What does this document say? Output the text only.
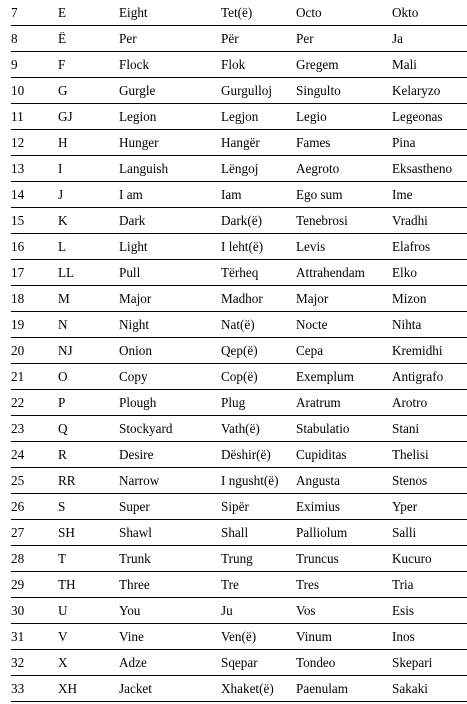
7	E	Eight	Tet(ë)	Octo	Okto
8	Ë	Per	Për	Per	Ja
9	F	Flock	Flok	Gregem	Mali
10	G	Gurgle	Gurgulloj	Singulto	Kelaryzo
11	GJ	Legion	Legjon	Legio	Legeonas
12	H	Hunger	Hangër	Fames	Pina
13	I	Languish	Lëngoj	Aegroto	Eksastheno
14	J	I am	Iam	Ego sum	Ime
15	K	Dark	Dark(ë)	Tenebrosi	Vradhi
16	L	Light	I leht(ë)	Levis	Elafros
17	LL	Pull	Tërheq	Attrahendam	Elko
18	M	Major	Madhor	Major	Mizon
19	N	Night	Nat(ë)	Nocte	Nihta
20	NJ	Onion	Qep(ë)	Cepa	Kremidhi
21	O	Copy	Cop(ë)	Exemplum	Antigrafo
22	P	Plough	Plug	Aratrum	Arotro
23	Q	Stockyard	Vath(ë)	Stabulatio	Stani
24	R	Desire	Dëshir(ë)	Cupiditas	Thelisi
25	RR	Narrow	I ngusht(ë)	Angusta	Stenos
26	S	Super	Sipër	Eximius	Yper
27	SH	Shawl	Shall	Palliolum	Salli
28	T	Trunk	Trung	Truncus	Kucuro
29	TH	Three	Tre	Tres	Tria
30	U	You	Ju	Vos	Esis
31	V	Vine	Ven(ë)	Vinum	Inos
32	X	Adze	Sqepar	Tondeo	Skepari
33	XH	Jacket	Xhaket(ë)	Paenulam	Sakaki
